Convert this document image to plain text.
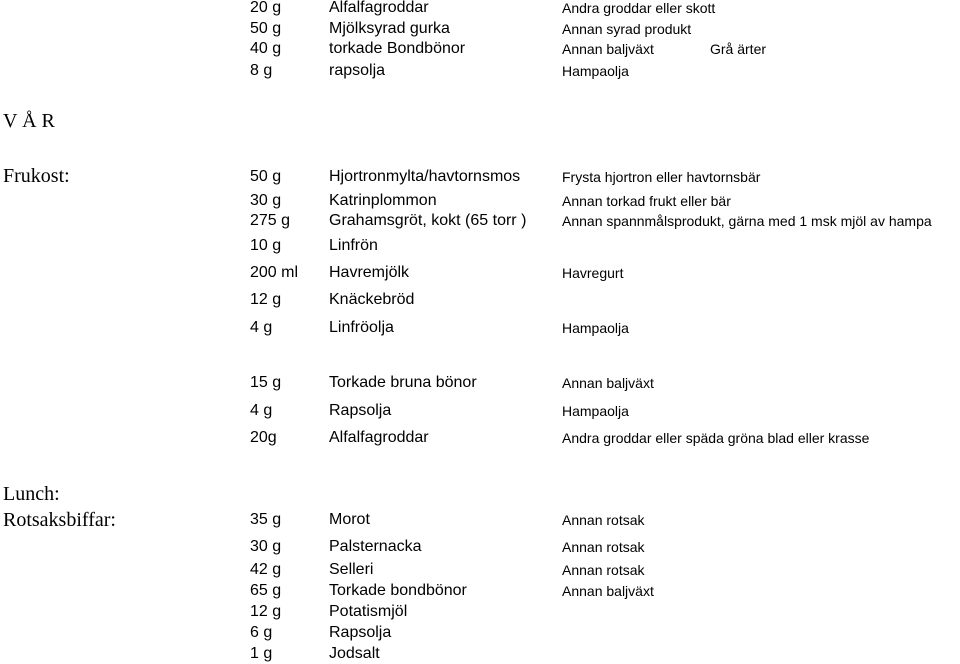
20 g	Alfalfagroddar	Andra groddar eller skott
50 g	Mjölksyrad gurka	Annan syrad produkt
40 g	torkade Bondbönor	Annan baljväxt	Grå ärter
8 g	rapsolja	Hampaolja
V Å R
Frukost:	50 g	Hjortronmylta/havtornsmos	Frysta hjortron eller havtornsbär
30 g	Katrinplommon	Annan torkad frukt eller bär
275 g Grahamsgröt, kokt (65 torr )	Annan spannmålsprodukt, gärna med 1 msk mjöl av hampa
10 g	Linfrön
200 ml Havremjölk	Havregurt
12 g	Knäckebröd
4 g	Linfröolja	Hampaolja
15 g	Torkade bruna bönor	Annan baljväxt
4 g	Rapsolja	Hampaolja
20g	Alfalfagroddar	Andra groddar eller späda gröna blad eller krasse
Lunch:
Rotsaksbiffar:	35 g	Morot	Annan rotsak
30 g	Palsternacka	Annan rotsak
42 g	Selleri	Annan rotsak
65 g	Torkade bondbönor	Annan baljväxt
12 g	Potatismjöl
6 g	Rapsolja
1 g	Jodsalt
